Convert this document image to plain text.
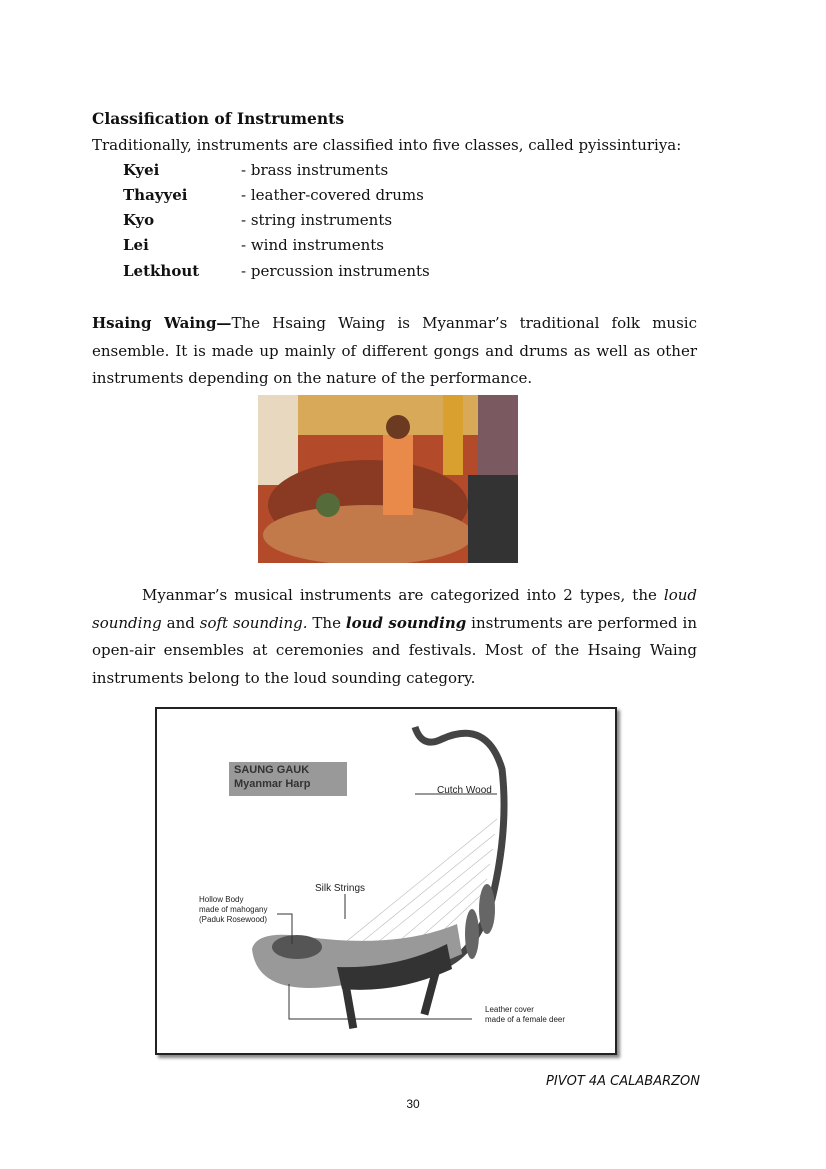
Classification of Instruments
Traditionally, instruments are classified into five classes, called pyissinturiya:
Kyei	- brass instruments
Thayyei	- leather-covered drums
Kyo	- string instruments
Lei	- wind instruments
Letkhout	- percussion instruments
Hsaing Waing—The Hsaing Waing is Myanmar’s traditional folk music ensemble. It is made up mainly of different gongs and drums as well as other instruments depending on the nature of the performance.
Myanmar’s musical instruments are categorized into 2 types, the loud sounding and soft sounding. The loud sounding instruments are performed in open-air ensembles at ceremonies and festivals. Most of the Hsaing Waing instruments belong to the loud sounding category.
SAUNG GAUK
Myanmar Harp
Cutch Wood
Silk Strings
Hollow Body
made of mahogany
(Paduk Rosewood)
Leather cover
made of a female deer
PIVOT 4A CALABARZON
30
